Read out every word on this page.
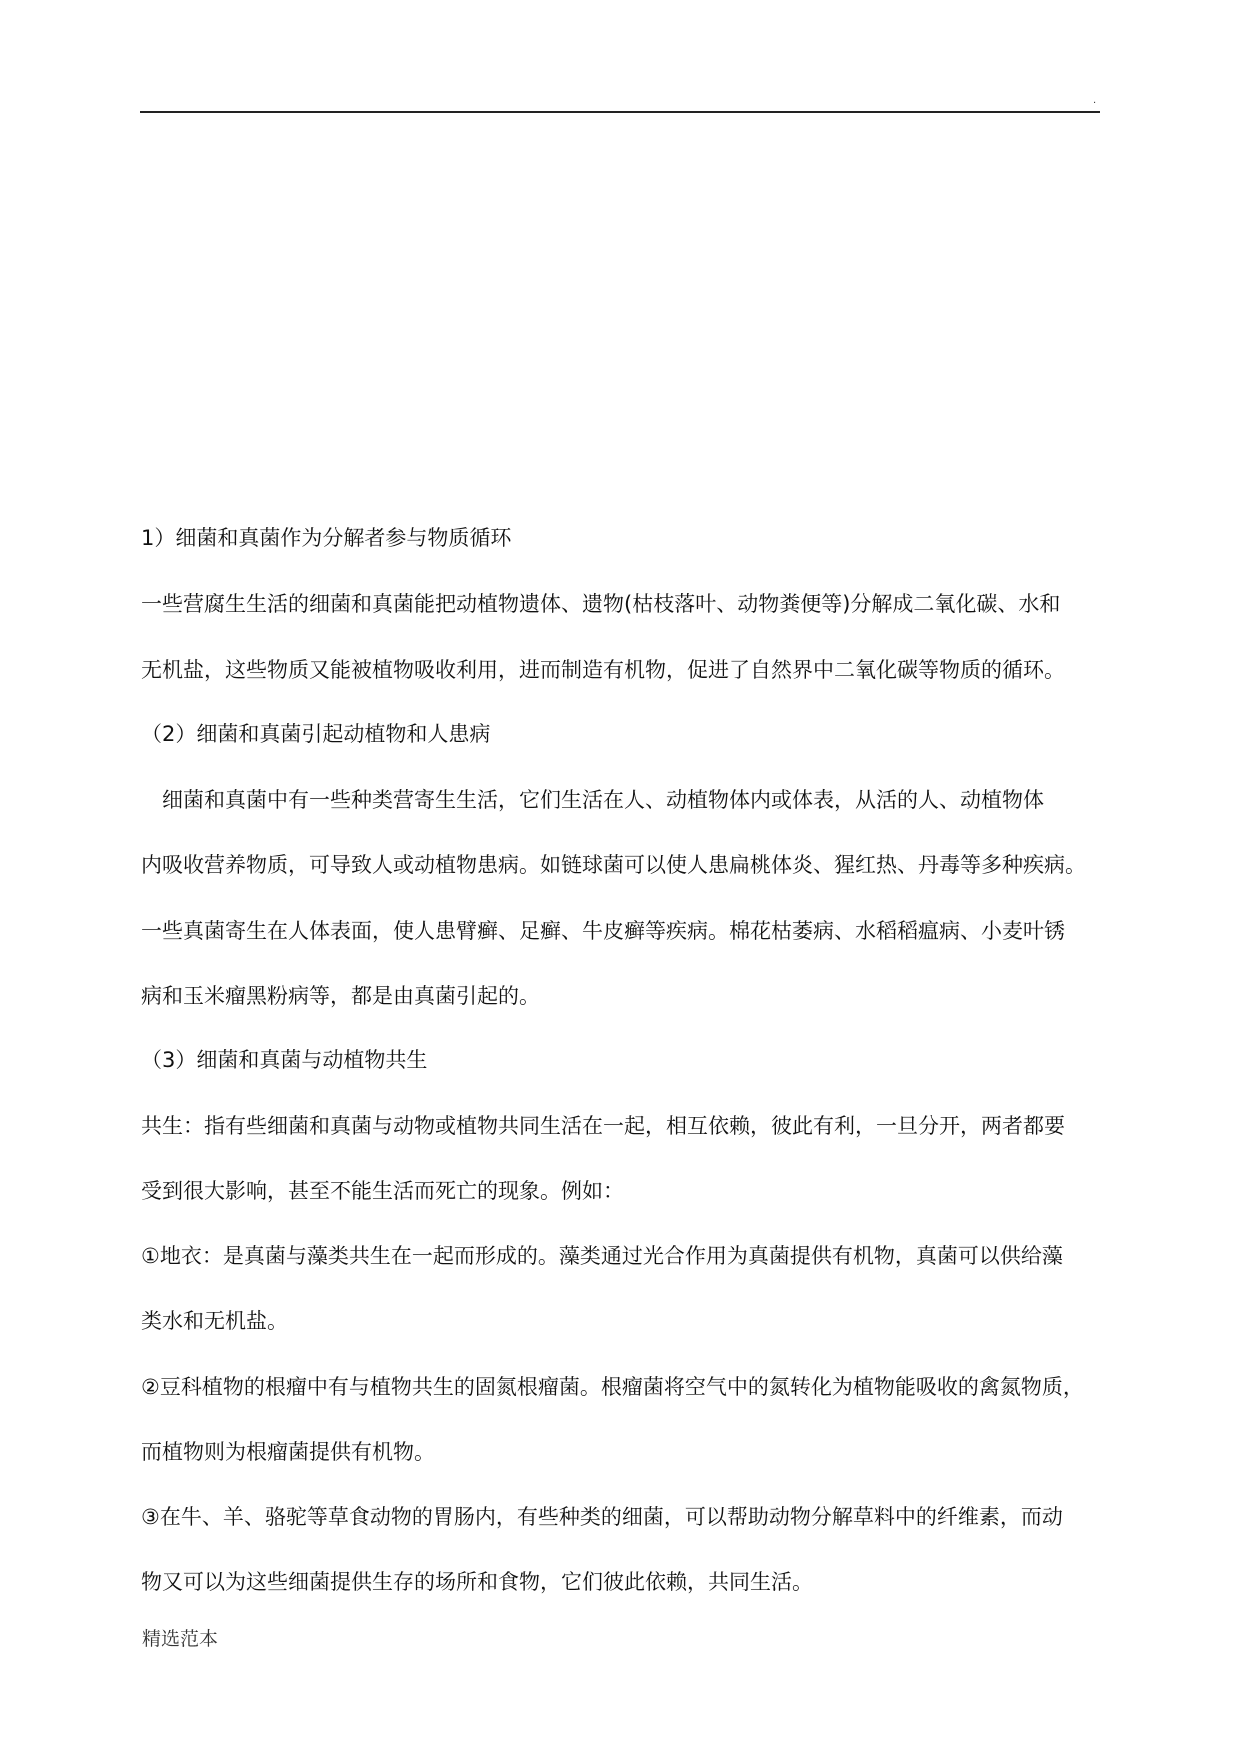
.
1）细菌和真菌作为分解者参与物质循环
一些营腐生生活的细菌和真菌能把动植物遗体、遗物(枯枝落叶、动物粪便等)分解成二氧化碳、水和
无机盐，这些物质又能被植物吸收利用，进而制造有机物，促进了自然界中二氧化碳等物质的循环。
（2）细菌和真菌引起动植物和人患病
　细菌和真菌中有一些种类营寄生生活，它们生活在人、动植物体内或体表，从活的人、动植物体
内吸收营养物质，可导致人或动植物患病。如链球菌可以使人患扁桃体炎、猩红热、丹毒等多种疾病。
一些真菌寄生在人体表面，使人患臂癣、足癣、牛皮癣等疾病。棉花枯萎病、水稻稻瘟病、小麦叶锈
病和玉米瘤黑粉病等，都是由真菌引起的。
（3）细菌和真菌与动植物共生
共生：指有些细菌和真菌与动物或植物共同生活在一起，相互依赖，彼此有利，一旦分开，两者都要
受到很大影响，甚至不能生活而死亡的现象。例如：
①地衣：是真菌与藻类共生在一起而形成的。藻类通过光合作用为真菌提供有机物，真菌可以供给藻
类水和无机盐。
②豆科植物的根瘤中有与植物共生的固氮根瘤菌。根瘤菌将空气中的氮转化为植物能吸收的禽氮物质，
而植物则为根瘤菌提供有机物。
③在牛、羊、骆驼等草食动物的胃肠内，有些种类的细菌，可以帮助动物分解草料中的纤维素，而动
物又可以为这些细菌提供生存的场所和食物，它们彼此依赖，共同生活。
精选范本
